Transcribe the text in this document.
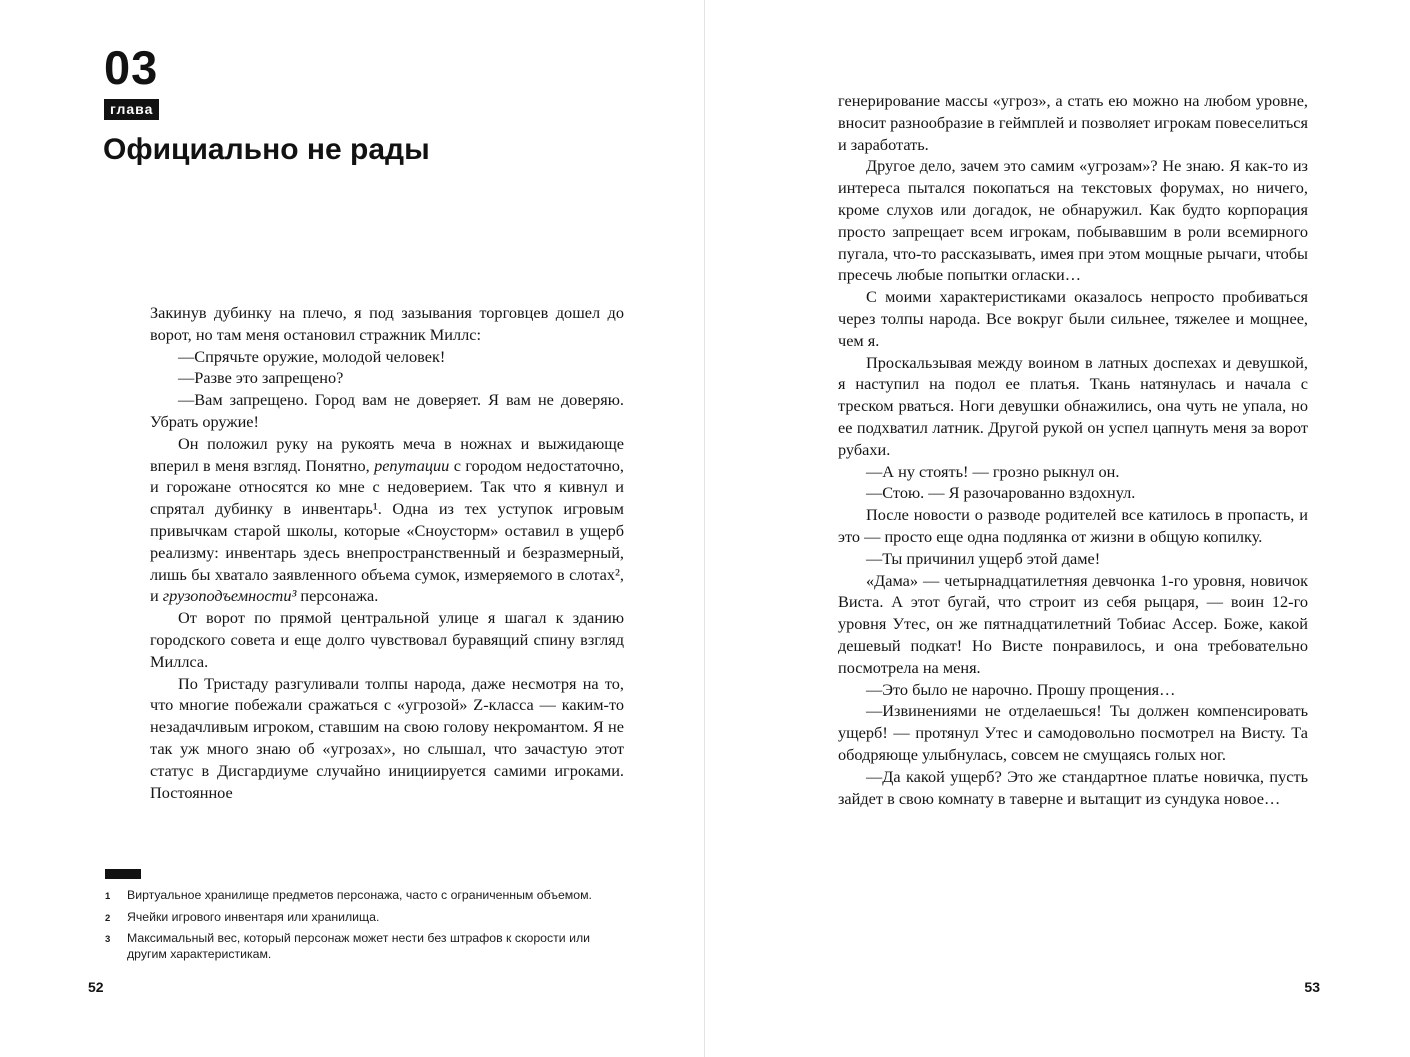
03
глава
Официально не рады

Закинув дубинку на плечо, я под зазывания торговцев дошел до ворот, но там меня остановил стражник Миллс:

—Спрячьте оружие, молодой человек!

—Разве это запрещено?

—Вам запрещено. Город вам не доверяет. Я вам не доверяю. Убрать оружие!

Он положил руку на рукоять меча в ножнах и выжидающе вперил в меня взгляд. Понятно, репутации с городом недостаточно, и горожане относятся ко мне с недоверием. Так что я кивнул и спрятал дубинку в инвентарь¹. Одна из тех уступок игровым привычкам старой школы, которые «Сноусторм» оставил в ущерб реализму: инвентарь здесь внепространственный и безразмерный, лишь бы хватало заявленного объема сумок, измеряемого в слотах², и грузоподъемности³ персонажа.

От ворот по прямой центральной улице я шагал к зданию городского совета и еще долго чувствовал буравящий спину взгляд Миллса.

По Тристаду разгуливали толпы народа, даже несмотря на то, что многие побежали сражаться с «угрозой» Z-класса — каким-то незадачливым игроком, ставшим на свою голову некромантом. Я не так уж много знаю об «угрозах», но слышал, что зачастую этот статус в Дисгардиуме случайно инициируется самими игроками. Постоянное

1	Виртуальное хранилище предметов персонажа, часто с ограниченным объемом.
2	Ячейки игрового инвентаря или хранилища.
3	Максимальный вес, который персонаж может нести без штрафов к скорости или другим характеристикам.
52

генерирование массы «угроз», а стать ею можно на любом уровне, вносит разнообразие в геймплей и позволяет игрокам повеселиться и заработать.

Другое дело, зачем это самим «угрозам»? Не знаю. Я как-то из интереса пытался покопаться на текстовых форумах, но ничего, кроме слухов или догадок, не обнаружил. Как будто корпорация просто запрещает всем игрокам, побывавшим в роли всемирного пугала, что-то рассказывать, имея при этом мощные рычаги, чтобы пресечь любые попытки огласки…

С моими характеристиками оказалось непросто пробиваться через толпы народа. Все вокруг были сильнее, тяжелее и мощнее, чем я.

Проскальзывая между воином в латных доспехах и девушкой, я наступил на подол ее платья. Ткань натянулась и начала с треском рваться. Ноги девушки обнажились, она чуть не упала, но ее подхватил латник. Другой рукой он успел цапнуть меня за ворот рубахи.

—А ну стоять! — грозно рыкнул он.

—Стою. — Я разочарованно вздохнул.

После новости о разводе родителей все катилось в пропасть, и это — просто еще одна подлянка от жизни в общую копилку.

—Ты причинил ущерб этой даме!

«Дама» — четырнадцатилетняя девчонка 1-го уровня, новичок Виста. А этот бугай, что строит из себя рыцаря, — воин 12-го уровня Утес, он же пятнадцатилетний Тобиас Ассер. Боже, какой дешевый подкат! Но Висте понравилось, и она требовательно посмотрела на меня.

—Это было не нарочно. Прошу прощения…

—Извинениями не отделаешься! Ты должен компенсировать ущерб! — протянул Утес и самодовольно посмотрел на Висту. Та ободряюще улыбнулась, совсем не смущаясь голых ног.

—Да какой ущерб? Это же стандартное платье новичка, пусть зайдет в свою комнату в таверне и вытащит из сундука новое…

53
